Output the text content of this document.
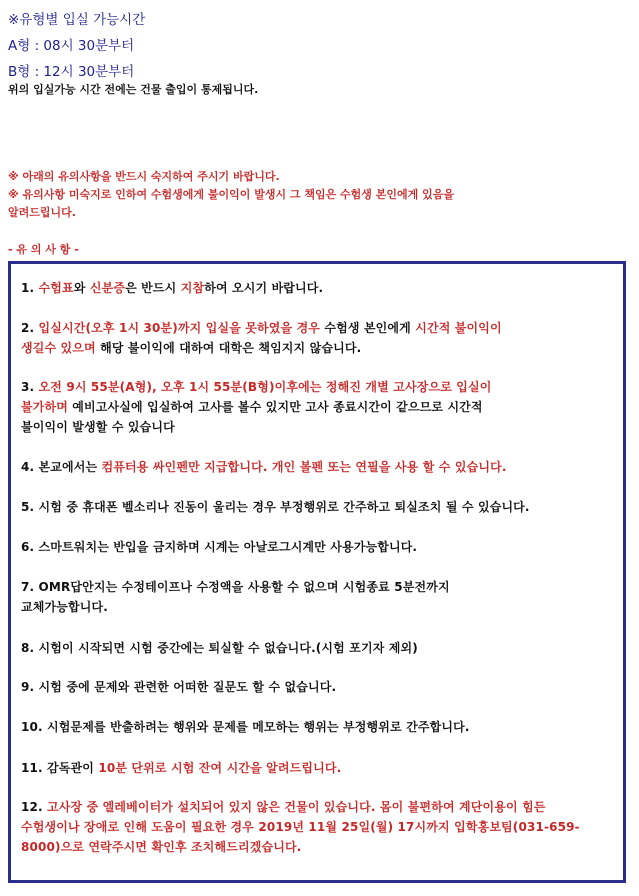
※유형별 입실 가능시간
A형 : 08시 30분부터
B형 : 12시 30분부터
위의 입실가능 시간 전에는 건물 출입이 통제됩니다.
※ 아래의 유의사항을 반드시 숙지하여 주시기 바랍니다.
※ 유의사항 미숙지로 인하여 수험생에게 불이익이 발생시 그 책임은 수험생 본인에게 있음을
알려드립니다.
- 유 의 사 항 -
1. 수험표와 신분증은 반드시 지참하여 오시기 바랍니다.
2. 입실시간(오후 1시 30분)까지 입실을 못하였을 경우 수험생 본인에게 시간적 불이익이
생길수 있으며 해당 불이익에 대하여 대학은 책임지지 않습니다.
3. 오전 9시 55분(A형), 오후 1시 55분(B형)이후에는 정해진 개별 고사장으로 입실이
불가하며 예비고사실에 입실하여 고사를 볼수 있지만 고사 종료시간이 같으므로 시간적
불이익이 발생할 수 있습니다
4. 본교에서는 컴퓨터용 싸인펜만 지급합니다. 개인 볼펜 또는 연필을 사용 할 수 있습니다.
5. 시험 중 휴대폰 벨소리나 진동이 울리는 경우 부정행위로 간주하고 퇴실조치 될 수 있습니다.
6. 스마트워치는 반입을 금지하며 시계는 아날로그시계만 사용가능합니다.
7. OMR답안지는 수정테이프나 수정액을 사용할 수 없으며 시험종료 5분전까지
교체가능합니다.
8. 시험이 시작되면 시험 중간에는 퇴실할 수 없습니다.(시험 포기자 제외)
9. 시험 중에 문제와 관련한 어떠한 질문도 할 수 없습니다.
10. 시험문제를 반출하려는 행위와 문제를 메모하는 행위는 부정행위로 간주합니다.
11. 감독관이 10분 단위로 시험 잔여 시간을 알려드립니다.
12. 고사장 중 엘레베이터가 설치되어 있지 않은 건물이 있습니다. 몸이 불편하여 계단이용이 힘든
수험생이나 장애로 인해 도움이 필요한 경우 2019년 11월 25일(월) 17시까지 입학홍보팀(031-659-
8000)으로 연락주시면 확인후 조치해드리겠습니다.
